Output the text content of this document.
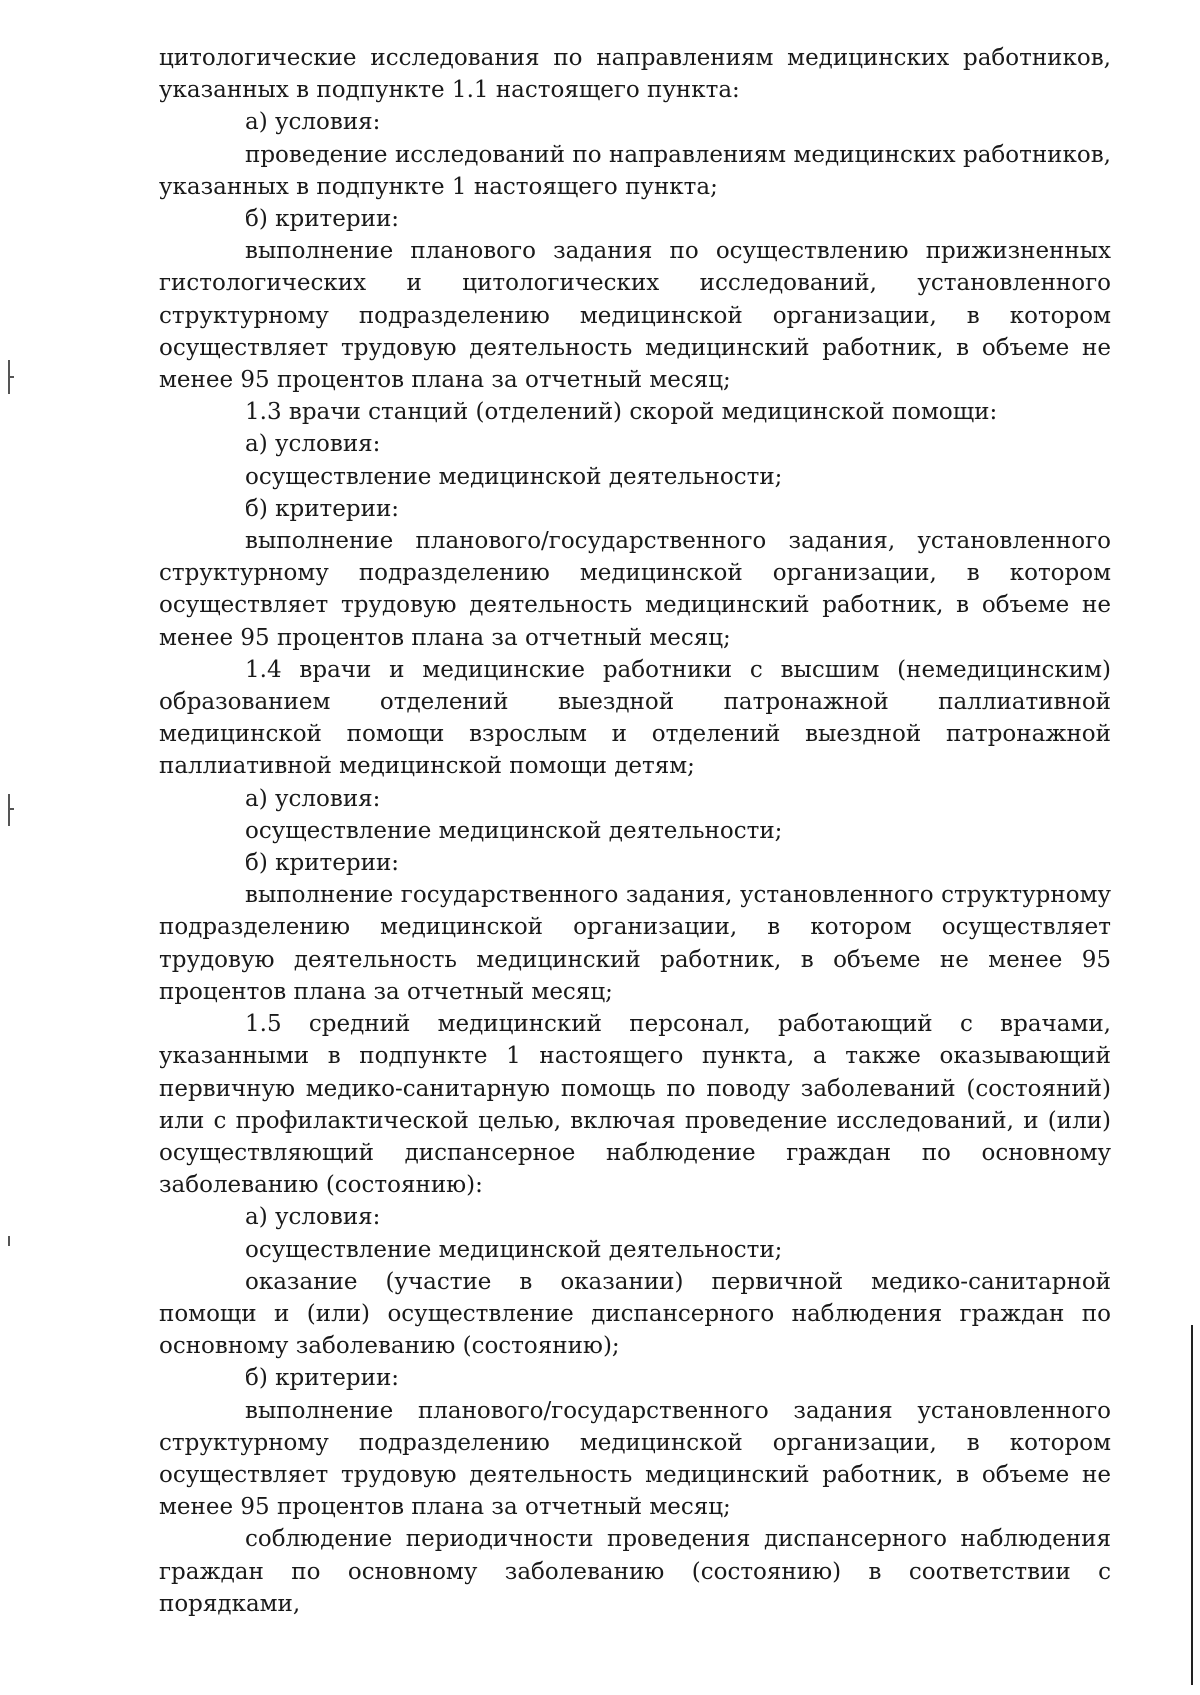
цитологические исследования по направлениям медицинских работников, указанных в подпункте 1.1 настоящего пункта:

а) условия:

проведение исследований по направлениям медицинских работников, указанных в подпункте 1 настоящего пункта;

б) критерии:

выполнение планового задания по осуществлению прижизненных гистологических и цитологических исследований, установленного структурному подразделению медицинской организации, в котором осуществляет трудовую деятельность медицинский работник, в объеме не менее 95 процентов плана за отчетный месяц;

1.3 врачи станций (отделений) скорой медицинской помощи:

а) условия:

осуществление медицинской деятельности;

б) критерии:

выполнение планового/государственного задания, установленного структурному подразделению медицинской организации, в котором осуществляет трудовую деятельность медицинский работник, в объеме не менее 95 процентов плана за отчетный месяц;

1.4 врачи и медицинские работники с высшим (немедицинским) образованием отделений выездной патронажной паллиативной медицинской помощи взрослым и отделений выездной патронажной паллиативной медицинской помощи детям;

а) условия:

осуществление медицинской деятельности;

б) критерии:

выполнение государственного задания, установленного структурному подразделению медицинской организации, в котором осуществляет трудовую деятельность медицинский работник, в объеме не менее 95 процентов плана за отчетный месяц;

1.5 средний медицинский персонал, работающий с врачами, указанными в подпункте 1 настоящего пункта, а также оказывающий первичную медико-санитарную помощь по поводу заболеваний (состояний) или с профилактической целью, включая проведение исследований, и (или) осуществляющий диспансерное наблюдение граждан по основному заболеванию (состоянию):

а) условия:

осуществление медицинской деятельности;

оказание (участие в оказании) первичной медико-санитарной помощи и (или) осуществление диспансерного наблюдения граждан по основному заболеванию (состоянию);

б) критерии:

выполнение планового/государственного задания установленного структурному подразделению медицинской организации, в котором осуществляет трудовую деятельность медицинский работник, в объеме не менее 95 процентов плана за отчетный месяц;

соблюдение периодичности проведения диспансерного наблюдения граждан по основному заболеванию (состоянию) в соответствии с порядками,
